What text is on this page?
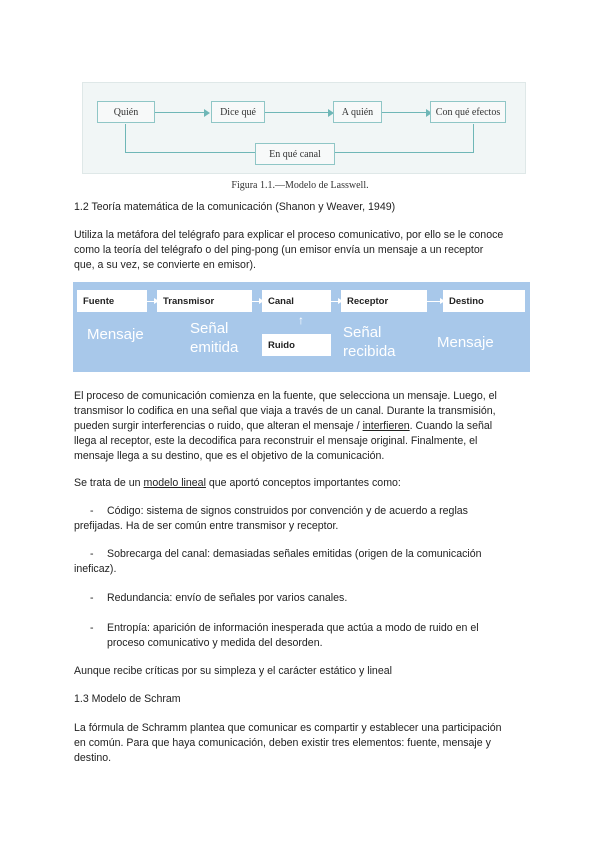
Quién	Dice qué	A quién	Con qué efectos
En qué canal
Figura 1.1.—Modelo de Lasswell.
1.2 Teoría matemática de la comunicación (Shanon y Weaver, 1949)
Utiliza la metáfora del telégrafo para explicar el proceso comunicativo, por ello se le conoce
como la teoría del telégrafo o del ping-pong (un emisor envía un mensaje a un receptor
que, a su vez, se convierte en emisor).
Fuente	Transmisor	Canal	Receptor	Destino
↑
Ruido
Mensaje	Señal
emitida
Señal
recibida
Mensaje
El proceso de comunicación comienza en la fuente, que selecciona un mensaje. Luego, el
transmisor lo codifica en una señal que viaja a través de un canal. Durante la transmisión,
pueden surgir interferencias o ruido, que alteran el mensaje / interfieren. Cuando la señal
llega al receptor, este la decodifica para reconstruir el mensaje original. Finalmente, el
mensaje llega a su destino, que es el objetivo de la comunicación.
Se trata de un modelo lineal que aportó conceptos importantes como:
- Código: sistema de signos construidos por convención y de acuerdo a reglas
prefijadas. Ha de ser común entre transmisor y receptor.
- Sobrecarga del canal: demasiadas señales emitidas (origen de la comunicación
ineficaz).
- Redundancia: envío de señales por varios canales.
- Entropía: aparición de información inesperada que actúa a modo de ruido en el
proceso comunicativo y medida del desorden.
Aunque recibe críticas por su simpleza y el carácter estático y lineal
1.3 Modelo de Schram
La fórmula de Schramm plantea que comunicar es compartir y establecer una participación
en común. Para que haya comunicación, deben existir tres elementos: fuente, mensaje y
destino.
